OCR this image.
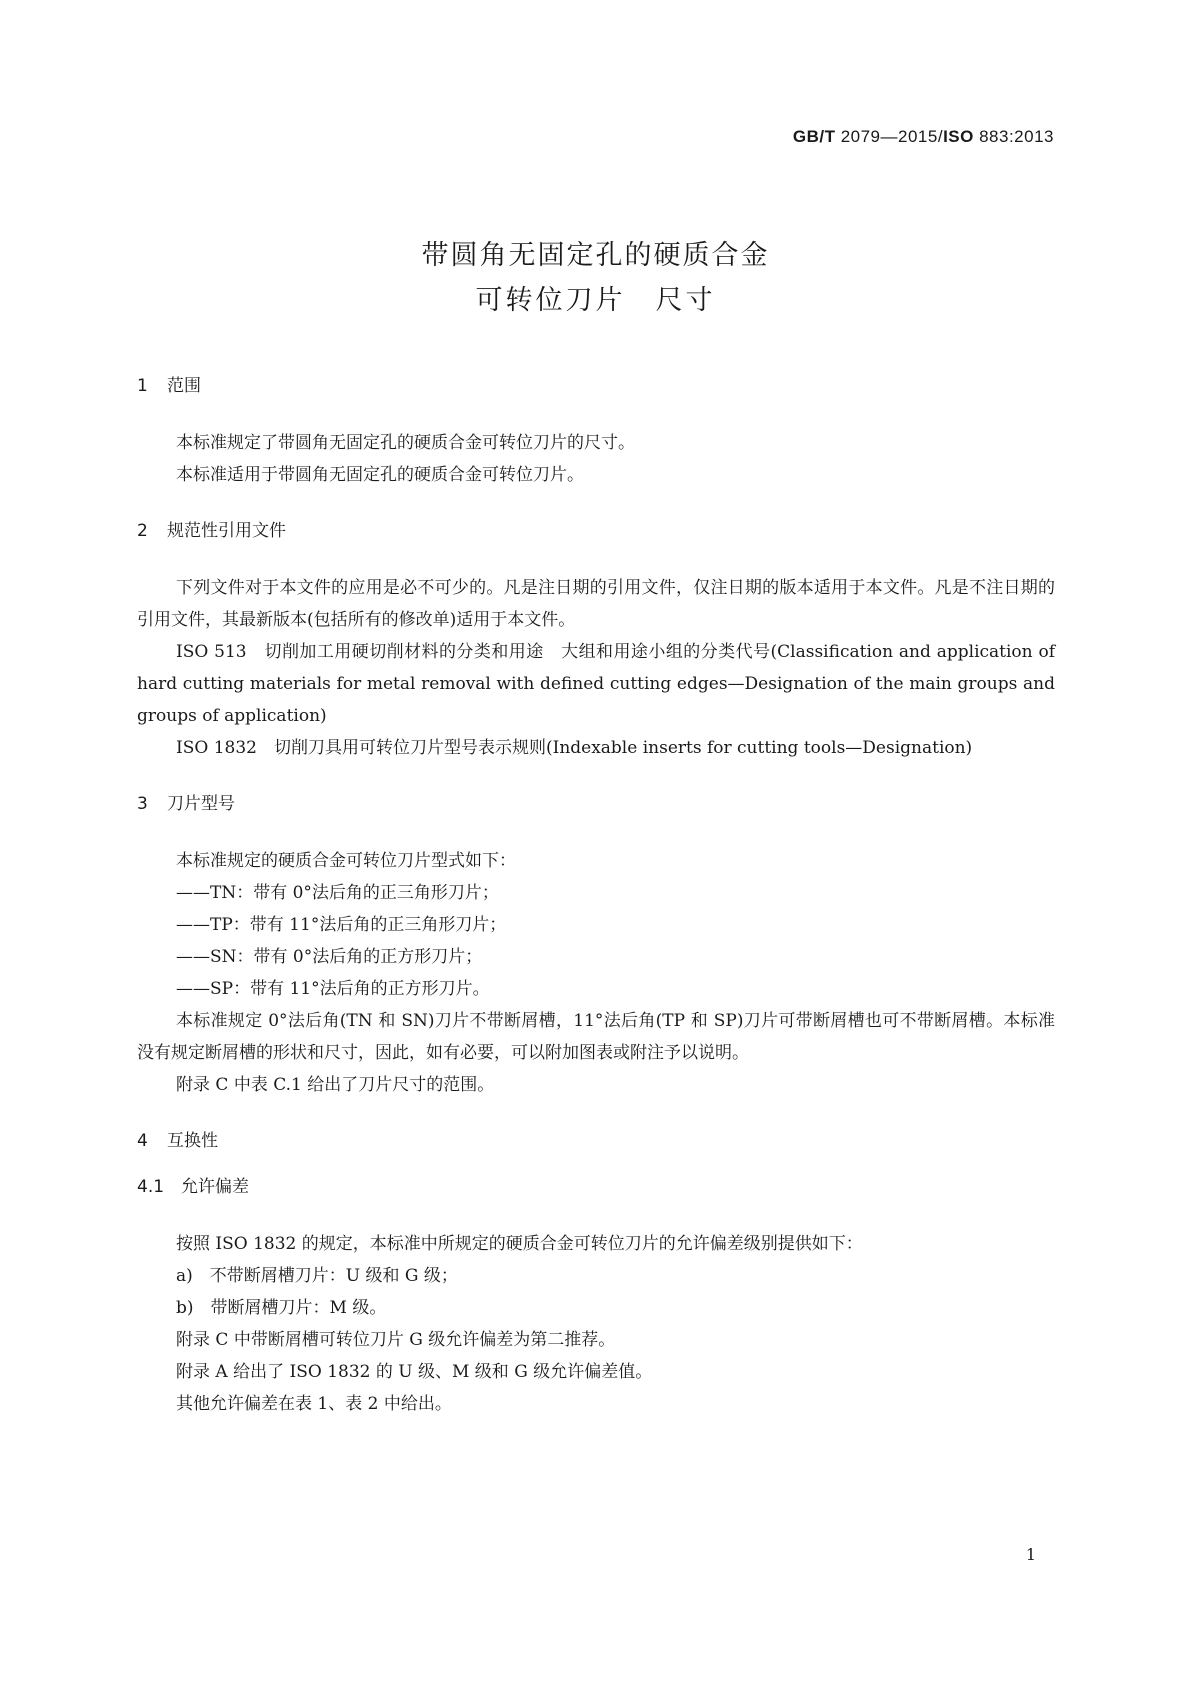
GB/T 2079—2015/ISO 883:2013
带圆角无固定孔的硬质合金
可转位刀片　尺寸
1 范围

本标准规定了带圆角无固定孔的硬质合金可转位刀片的尺寸。

本标准适用于带圆角无固定孔的硬质合金可转位刀片。

2 规范性引用文件

下列文件对于本文件的应用是必不可少的。凡是注日期的引用文件，仅注日期的版本适用于本文件。凡是不注日期的引用文件，其最新版本(包括所有的修改单)适用于本文件。

ISO 513　切削加工用硬切削材料的分类和用途　大组和用途小组的分类代号(Classification and application of hard cutting materials for metal removal with defined cutting edges—Designation of the main groups and groups of application)

ISO 1832　切削刀具用可转位刀片型号表示规则(Indexable inserts for cutting tools—Designation)

3 刀片型号

本标准规定的硬质合金可转位刀片型式如下：

——TN：带有 0°法后角的正三角形刀片；

——TP：带有 11°法后角的正三角形刀片；

——SN：带有 0°法后角的正方形刀片；

——SP：带有 11°法后角的正方形刀片。

本标准规定 0°法后角(TN 和 SN)刀片不带断屑槽，11°法后角(TP 和 SP)刀片可带断屑槽也可不带断屑槽。本标准没有规定断屑槽的形状和尺寸，因此，如有必要，可以附加图表或附注予以说明。

附录 C 中表 C.1 给出了刀片尺寸的范围。

4 互换性
4.1 允许偏差

按照 ISO 1832 的规定，本标准中所规定的硬质合金可转位刀片的允许偏差级别提供如下：

a)　不带断屑槽刀片：U 级和 G 级；

b)　带断屑槽刀片：M 级。

附录 C 中带断屑槽可转位刀片 G 级允许偏差为第二推荐。

附录 A 给出了 ISO 1832 的 U 级、M 级和 G 级允许偏差值。

其他允许偏差在表 1、表 2 中给出。

1
